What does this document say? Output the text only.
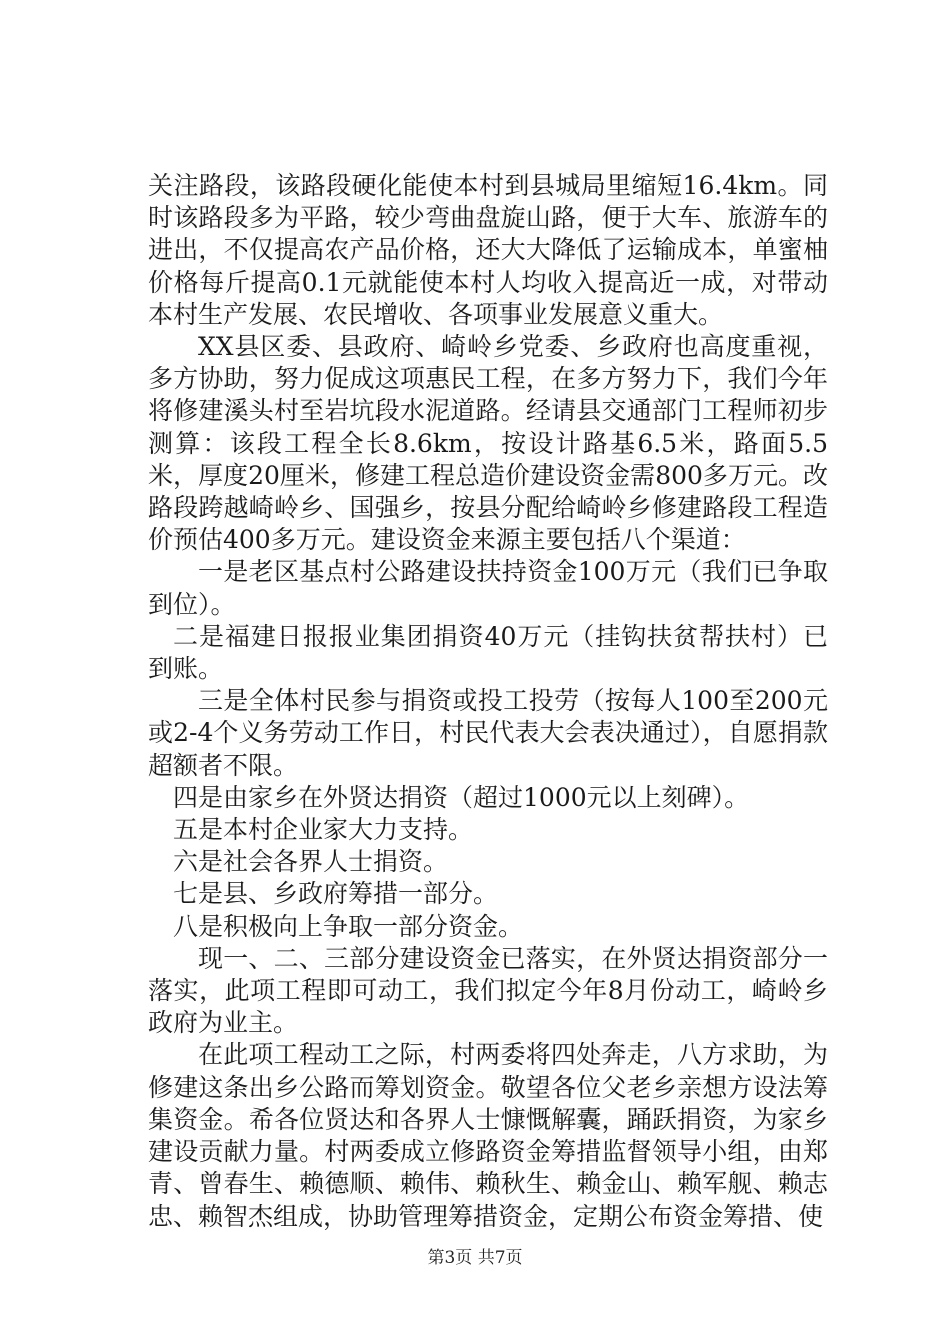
关注路段，该路段硬化能使本村到县城局里缩短16.4km。同时该路段多为平路，较少弯曲盘旋山路，便于大车、旅游车的进出，不仅提高农产品价格，还大大降低了运输成本，单蜜柚价格每斤提高0.1元就能使本村人均收入提高近一成，对带动本村生产发展、农民增收、各项事业发展意义重大。

XX县区委、县政府、崎岭乡党委、乡政府也高度重视，多方协助，努力促成这项惠民工程，在多方努力下，我们今年将修建溪头村至岩坑段水泥道路。经请县交通部门工程师初步测算：该段工程全长8.6km，按设计路基6.5米，路面5.5米，厚度20厘米，修建工程总造价建设资金需800多万元。改路段跨越崎岭乡、国强乡，按县分配给崎岭乡修建路段工程造价预估400多万元。建设资金来源主要包括八个渠道：

一是老区基点村公路建设扶持资金100万元（我们已争取到位）。

二是福建日报报业集团捐资40万元（挂钩扶贫帮扶村）已到账。

三是全体村民参与捐资或投工投劳（按每人100至200元或2-4个义务劳动工作日，村民代表大会表决通过），自愿捐款超额者不限。

四是由家乡在外贤达捐资（超过1000元以上刻碑）。

五是本村企业家大力支持。

六是社会各界人士捐资。

七是县、乡政府筹措一部分。

八是积极向上争取一部分资金。

现一、二、三部分建设资金已落实，在外贤达捐资部分一落实，此项工程即可动工，我们拟定今年8月份动工，崎岭乡政府为业主。

在此项工程动工之际，村两委将四处奔走，八方求助，为修建这条出乡公路而筹划资金。敬望各位父老乡亲想方设法筹集资金。希各位贤达和各界人士慷慨解囊，踊跃捐资，为家乡建设贡献力量。村两委成立修路资金筹措监督领导小组，由郑青、曾春生、赖德顺、赖伟、赖秋生、赖金山、赖军舰、赖志忠、赖智杰组成，协助管理筹措资金，定期公布资金筹措、使

第3页 共7页
